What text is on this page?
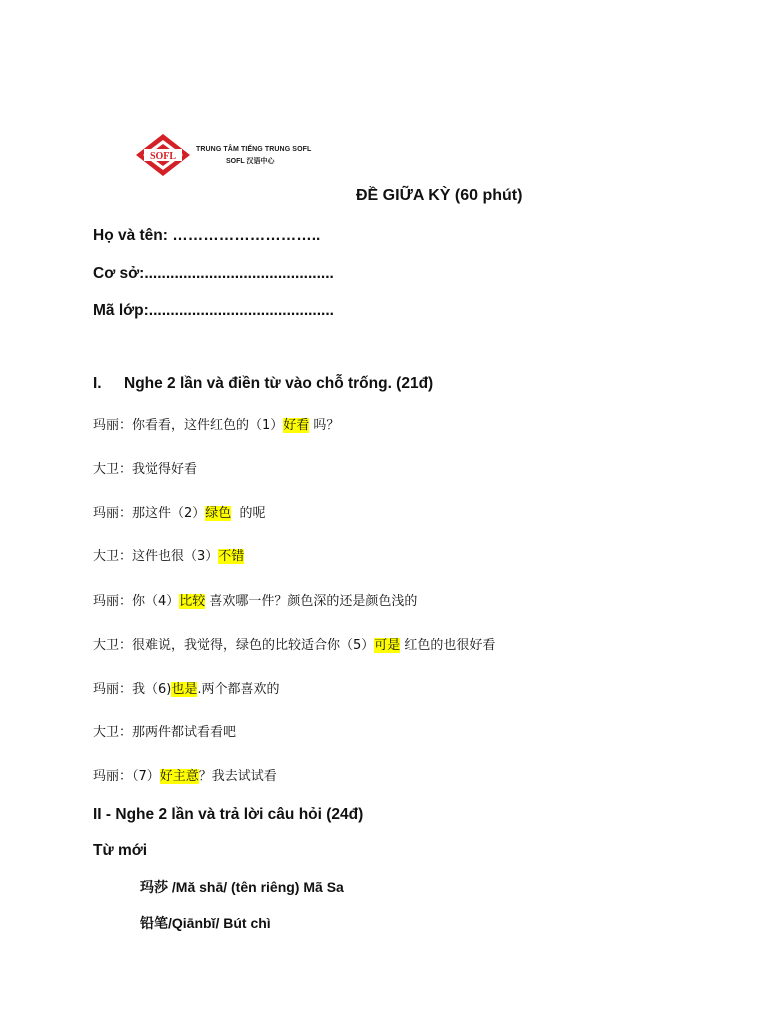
SOFL
TRUNG TÂM TIẾNG TRUNG SOFL
SOFL 汉语中心
ĐỀ GIỮA KỲ (60 phút)
Họ và tên: ………………………..
Cơ sở:............................................
Mã lớp:...........................................
I. Nghe 2 lần và điền từ vào chỗ trống. (21đ)
玛丽：你看看，这件红色的（1）好看 吗？
大卫：我觉得好看
玛丽：那这件（2）绿色  的呢
大卫：这件也很（3）不错
玛丽：你（4）比较 喜欢哪一件？颜色深的还是颜色浅的
大卫：很难说，我觉得，绿色的比较适合你（5）可是 红色的也很好看
玛丽：我（6)也是.两个都喜欢的
大卫：那两件都试看看吧
玛丽：（7）好主意？我去试试看
II - Nghe 2 lần và trả lời câu hỏi (24đ)
Từ mới
玛莎 /Mă shā/ (tên riêng) Mã Sa
铅笔/Qiānbĭ/ Bút chì
